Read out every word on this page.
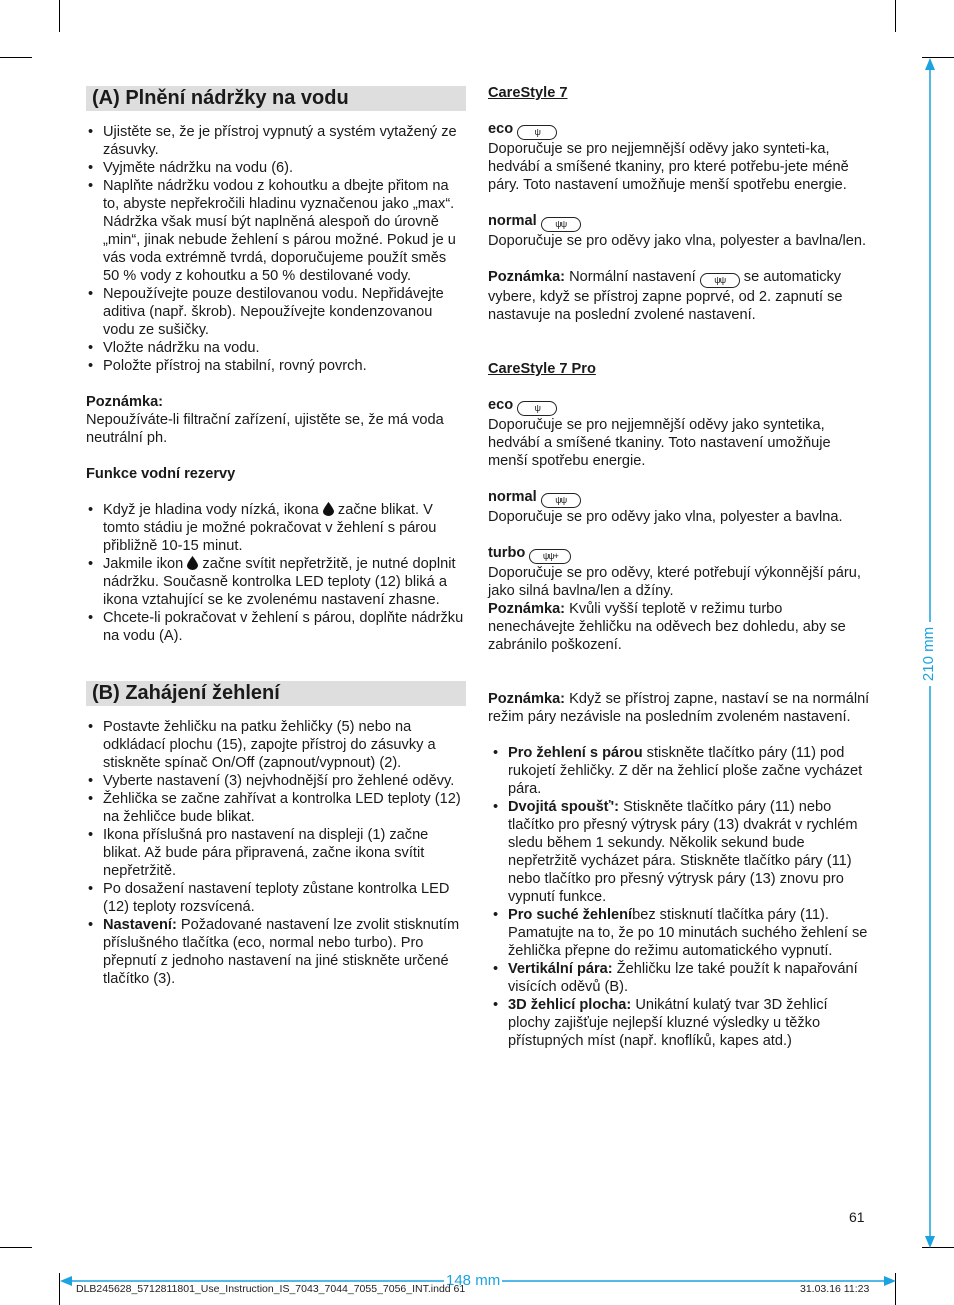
210 mm
148 mm
(A) Plnění nádržky na vodu
• Ujistěte se, že je přístroj vypnutý a systém vytažený ze zásuvky.
• Vyjměte nádržku na vodu (6).
• Naplňte nádržku vodou z kohoutku a dbejte přitom na to, abyste nepřekročili hladinu vyznačenou jako „max“. Nádržka však musí být naplněná alespoň do úrovně „min“, jinak nebude žehlení s párou možné. Pokud je u vás voda extrémně tvrdá, doporučujeme použít směs 50 % vody z kohoutku a 50 % destilované vody.
• Nepoužívejte pouze destilovanou vodu. Nepřidávejte aditiva (např. škrob). Nepoužívejte kondenzovanou vodu ze sušičky.
• Vložte nádržku na vodu.
• Položte přístroj na stabilní, rovný povrch.

Poznámka:

Nepoužíváte-li filtrační zařízení, ujistěte se, že má voda neutrální ph.

Funkce vodní rezervy

• Když je hladina vody nízká, ikona začne blikat. V tomto stádiu je možné pokračovat v žehlení s párou přibližně 10-15 minut.
• Jakmile ikon začne svítit nepřetržitě, je nutné doplnit nádržku. Současně kontrolka LED teploty (12) bliká a ikona vztahující se ke zvolenému nastavení zhasne.
• Chcete-li pokračovat v žehlení s párou, doplňte nádržku na vodu (A).
(B) Zahájení žehlení
• Postavte žehličku na patku žehličky (5) nebo na odkládací plochu (15), zapojte přístroj do zásuvky a stiskněte spínač On/Off (zapnout/vypnout) (2).
• Vyberte nastavení (3) nejvhodnější pro žehlené oděvy.
• Žehlička se začne zahřívat a kontrolka LED teploty (12) na žehličce bude blikat.
• Ikona příslušná pro nastavení na displeji (1) začne blikat. Až bude pára připravená, začne ikona svítit nepřetržitě.
• Po dosažení nastavení teploty zůstane kontrolka LED (12) teploty rozsvícená.
• Nastavení: Požadované nastavení lze zvolit stisknutím příslušného tlačítka (eco, normal nebo turbo). Pro přepnutí z jednoho nastavení na jiné stiskněte určené tlačítko (3).

CareStyle 7

eco ψ

Doporučuje se pro nejjemnější oděvy jako synteti-ka, hedvábí a smíšené tkaniny, pro které potřebu-jete méně páry. Toto nastavení umožňuje menší spotřebu energie.

normal ψψ

Doporučuje se pro oděvy jako vlna, polyester a bavlna/len.

Poznámka: Normální nastavení ψψ se automaticky vybere, když se přístroj zapne poprvé, od 2. zapnutí se nastavuje na poslední zvolené nastavení.

CareStyle 7 Pro

eco ψ

Doporučuje se pro nejjemnější oděvy jako syntetika, hedvábí a smíšené tkaniny. Toto nastavení umožňuje menší spotřebu energie.

normal ψψ

Doporučuje se pro oděvy jako vlna, polyester a bavlna.

turbo ψψ+

Doporučuje se pro oděvy, které potřebují výkonnější páru, jako silná bavlna/len a džíny.

Poznámka: Kvůli vyšší teplotě v režimu turbo nenechávejte žehličku na oděvech bez dohledu, aby se zabránilo poškození.

Poznámka: Když se přístroj zapne, nastaví se na normální režim páry nezávisle na posledním zvoleném nastavení.

• Pro žehlení s párou stiskněte tlačítko páry (11) pod rukojetí žehličky. Z děr na žehlicí ploše začne vycházet pára.
• Dvojitá spoušť': Stiskněte tlačítko páry (11) nebo tlačítko pro přesný výtrysk páry (13) dvakrát v rychlém sledu během 1 sekundy. Několik sekund bude nepřetržitě vycházet pára. Stiskněte tlačítko páry (11) nebo tlačítko pro přesný výtrysk páry (13) znovu pro vypnutí funkce.
• Pro suché žehleníbez stisknutí tlačítka páry (11). Pamatujte na to, že po 10 minutách suchého žehlení se žehlička přepne do režimu automatického vypnutí.
• Vertikální pára: Žehličku lze také použít k napařování visících oděvů (B).
• 3D žehlicí plocha: Unikátní kulatý tvar 3D žehlicí plochy zajišťuje nejlepší kluzné výsledky u těžko přístupných míst (např. knoflíků, kapes atd.)
61
DLB245628_5712811801_Use_Instruction_IS_7043_7044_7055_7056_INT.indd 61	31.03.16 11:23
